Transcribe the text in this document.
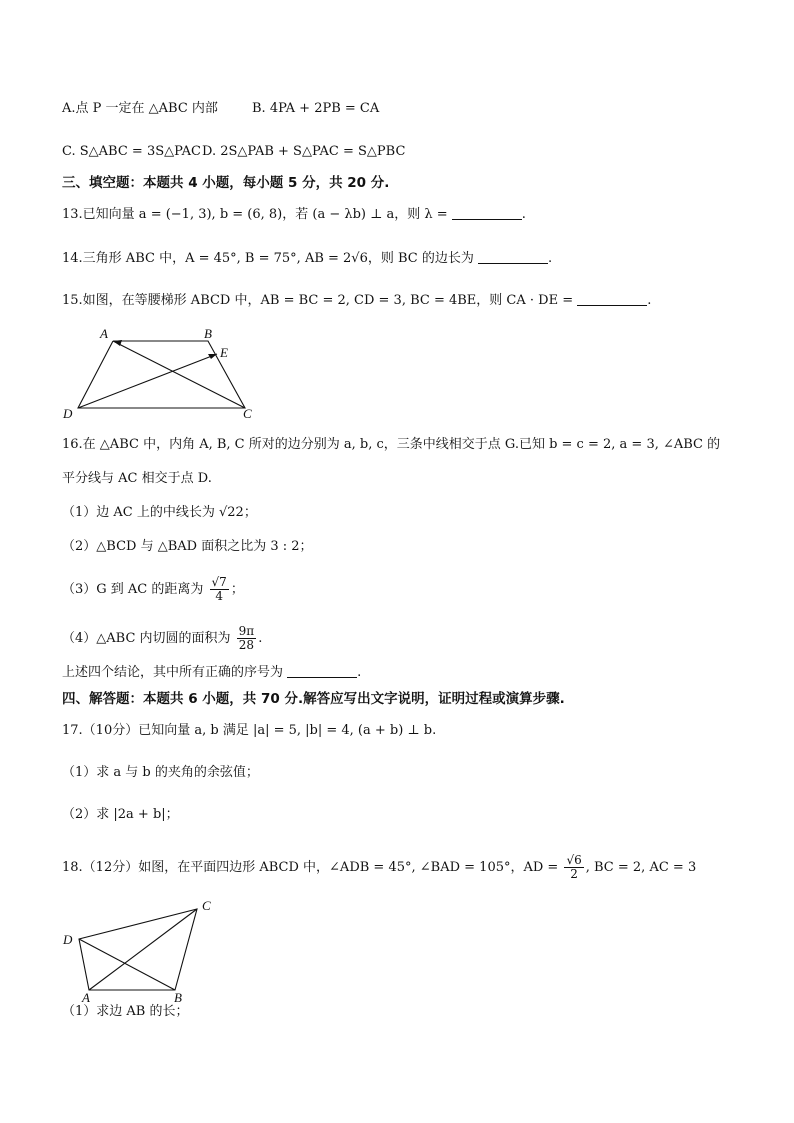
A.点 P 一定在 △ABC 内部	B. 4PA + 2PB = CA
C. S△ABC = 3S△PAC D. 2S△PAB + S△PAC = S△PBC
三、填空题：本题共 4 小题，每小题 5 分，共 20 分.
13.已知向量 a = (−1, 3), b = (6, 8)，若 (a − λb) ⊥ a，则 λ =	.
14.三角形 ABC 中，A = 45°, B = 75°, AB = 2√6，则 BC 的边长为	.
15.如图，在等腰梯形 ABCD 中，AB = BC = 2, CD = 3, BC = 4BE，则 CA · DE =	.
A	B
E
C
D
16.在 △ABC 中，内角 A, B, C 所对的边分别为 a, b, c，三条中线相交于点 G.已知 b = c = 2, a = 3, ∠ABC 的
平分线与 AC 相交于点 D.
（1）边 AC 上的中线长为 √22；
（2）△BCD 与 △BAD 面积之比为 3 : 2；
（3）G 到 AC 的距离为 $\frac{√7}{4}$ ；
（4）△ABC 内切圆的面积为 $\frac{9\pi}{28}$ .
上述四个结论，其中所有正确的序号为	.
四、解答题：本题共 6 小题，共 70 分.解答应写出文字说明，证明过程或演算步骤.
17.（10分）已知向量 a, b 满足 |a| = 5, |b| = 4, (a + b) ⊥ b.
（1）求 a 与 b 的夹角的余弦值；
（2）求 |2a + b|；
18.（12分）如图，在平面四边形 ABCD 中，∠ADB = 45°, ∠BAD = 105°，AD = $\frac{√6}{2}$ , BC = 2, AC = 3
D
C
A	B
（1）求边 AB 的长；
